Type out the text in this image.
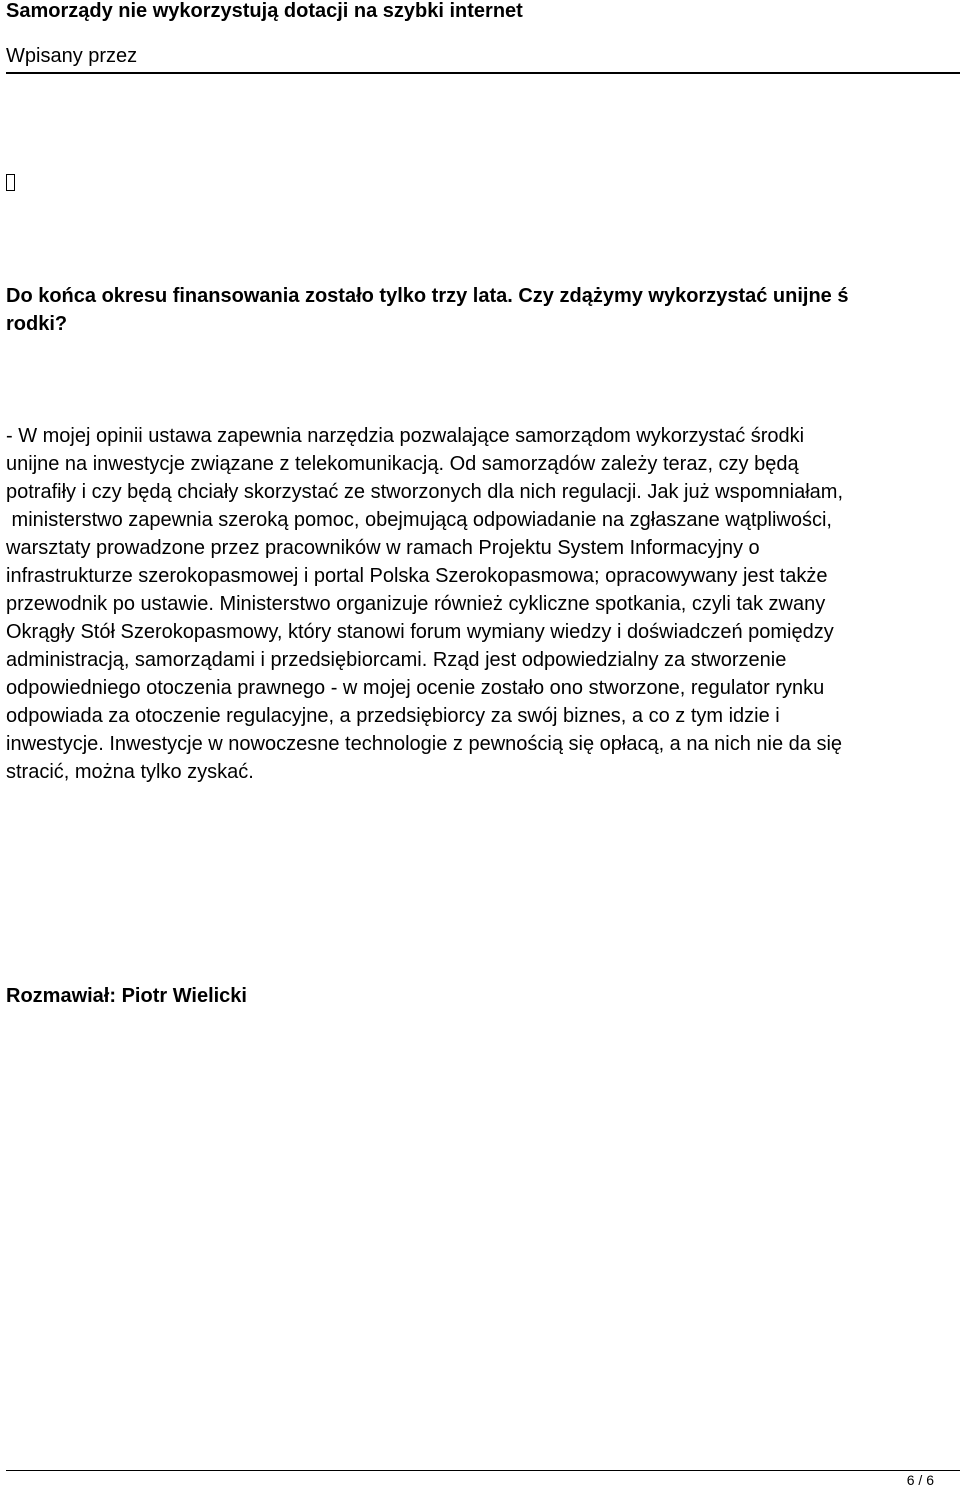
Samorządy nie wykorzystują dotacji na szybki internet
Wpisany przez

Do końca okresu finansowania zostało tylko trzy lata. Czy zdążymy wykorzystać unijne ś
rodki?

- W mojej opinii ustawa zapewnia narzędzia pozwalające samorządom wykorzystać środki
unijne na inwestycje związane z telekomunikacją. Od samorządów zależy teraz, czy będą
potrafiły i czy będą chciały skorzystać ze stworzonych dla nich regulacji. Jak już wspomniałam,
ministerstwo zapewnia szeroką pomoc, obejmującą odpowiadanie na zgłaszane wątpliwości,
warsztaty prowadzone przez pracowników w ramach Projektu System Informacyjny o
infrastrukturze szerokopasmowej i portal Polska Szerokopasmowa; opracowywany jest także
przewodnik po ustawie. Ministerstwo organizuje również cykliczne spotkania, czyli tak zwany
Okrągły Stół Szerokopasmowy, który stanowi forum wymiany wiedzy i doświadczeń pomiędzy
administracją, samorządami i przedsiębiorcami. Rząd jest odpowiedzialny za stworzenie
odpowiedniego otoczenia prawnego - w mojej ocenie zostało ono stworzone, regulator rynku
odpowiada za otoczenie regulacyjne, a przedsiębiorcy za swój biznes, a co z tym idzie i
inwestycje. Inwestycje w nowoczesne technologie z pewnością się opłacą, a na nich nie da się
stracić, można tylko zyskać.

Rozmawiał: Piotr Wielicki
6 / 6
